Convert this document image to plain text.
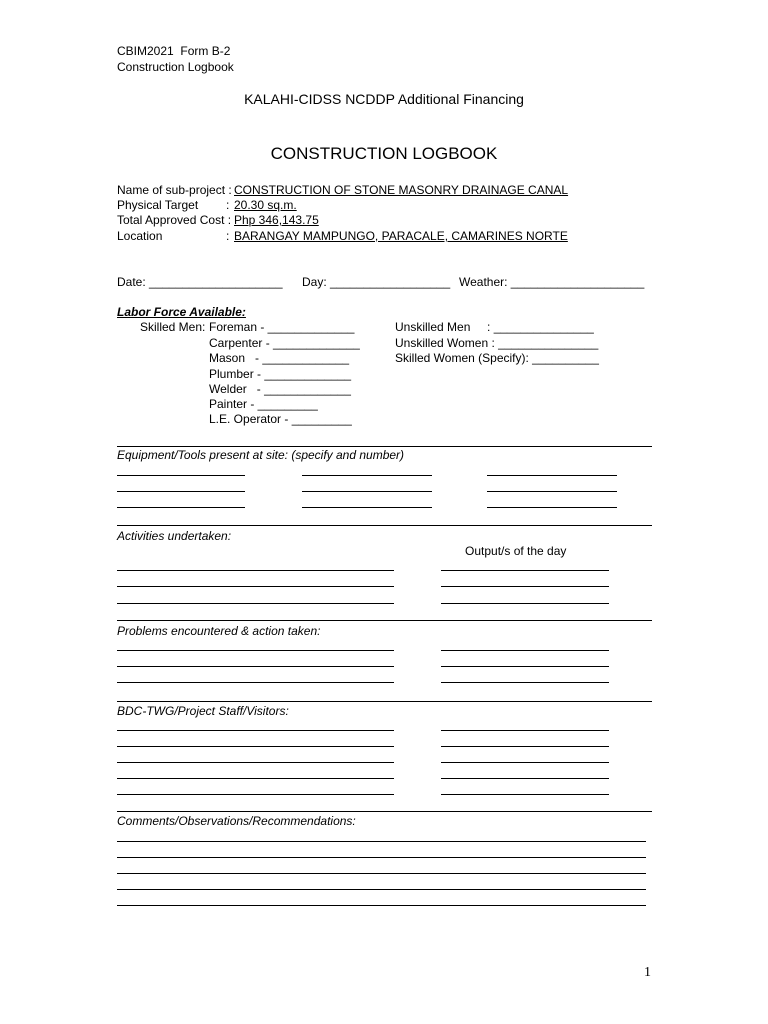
CBIM2021  Form B-2
Construction Logbook
KALAHI-CIDSS NCDDP Additional Financing
CONSTRUCTION LOGBOOK
Name of sub-project : CONSTRUCTION OF STONE MASONRY DRAINAGE CANAL
Physical Target : 20.30 sq.m.
Total Approved Cost : Php 346,143.75
Location	: BARANGAY MAMPUNGO, PARACALE, CAMARINES NORTE
Date: ____________________ Day: __________________ Weather: ____________________
Labor Force Available:
Skilled Men: Foreman - _____________
Carpenter - _____________
Mason   - _____________
Plumber - _____________
Welder   - _____________
Painter - _________
L.E. Operator - _________
Unskilled Men     : _______________
Unskilled Women : _______________
Skilled Women (Specify): __________
Equipment/Tools present at site: (specify and number)
Activities undertaken:
Output/s of the day
Problems encountered & action taken:
BDC-TWG/Project Staff/Visitors:
Comments/Observations/Recommendations:
1
